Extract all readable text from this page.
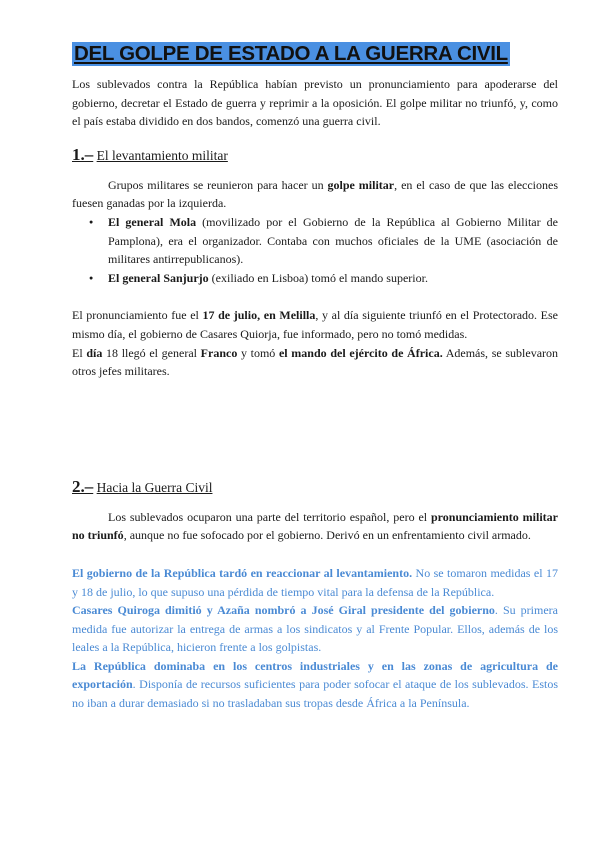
DEL GOLPE DE ESTADO A LA GUERRA CIVIL

Los sublevados contra la República habían previsto un pronunciamiento para apoderarse del gobierno, decretar el Estado de guerra y reprimir a la oposición. El golpe militar no triunfó, y, como el país estaba dividido en dos bandos, comenzó una guerra civil.

1.– El levantamiento militar

Grupos militares se reunieron para hacer un golpe militar, en el caso de que las elecciones fuesen ganadas por la izquierda.

● El general Mola (movilizado por el Gobierno de la República al Gobierno Militar de Pamplona), era el organizador. Contaba con muchos oficiales de la UME (asociación de militares antirrepublicanos).
● El general Sanjurjo (exiliado en Lisboa) tomó el mando superior.

El pronunciamiento fue el 17 de julio, en Melilla, y al día siguiente triunfó en el Protectorado. Ese mismo día, el gobierno de Casares Quiorja, fue informado, pero no tomó medidas.

El día 18 llegó el general Franco y tomó el mando del ejército de África. Además, se sublevaron otros jefes militares.

2.– Hacia la Guerra Civil

Los sublevados ocuparon una parte del territorio español, pero el pronunciamiento militar no triunfó, aunque no fue sofocado por el gobierno. Derivó en un enfrentamiento civil armado.

El gobierno de la República tardó en reaccionar al levantamiento. No se tomaron medidas el 17 y 18 de julio, lo que supuso una pérdida de tiempo vital para la defensa de la República.

Casares Quiroga dimitió y Azaña nombró a José Giral presidente del gobierno. Su primera medida fue autorizar la entrega de armas a los sindicatos y al Frente Popular. Ellos, además de los leales a la República, hicieron frente a los golpistas.

La República dominaba en los centros industriales y en las zonas de agricultura de exportación. Disponía de recursos suficientes para poder sofocar el ataque de los sublevados. Estos no iban a durar demasiado si no trasladaban sus tropas desde África a la Península.
